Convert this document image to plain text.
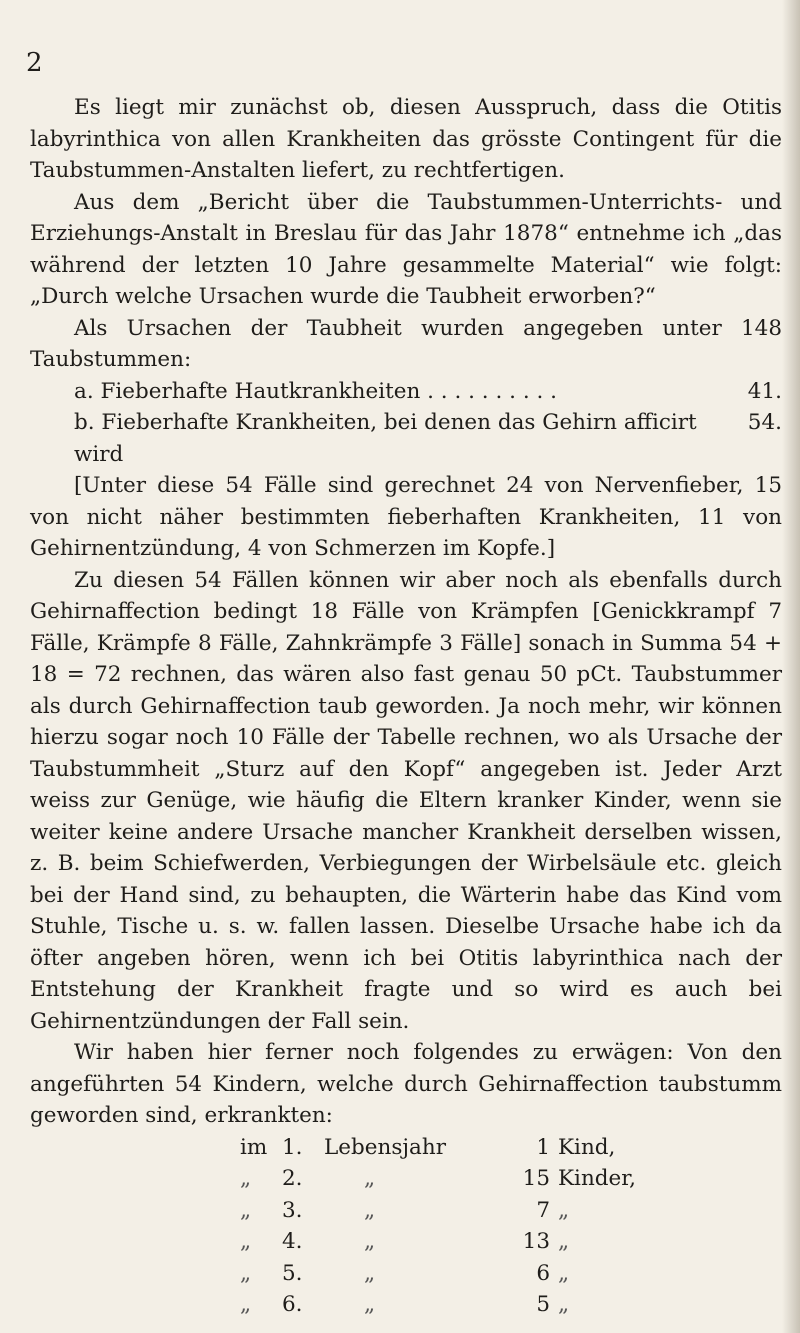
2

Es liegt mir zunächst ob, diesen Ausspruch, dass die Otitis labyrinthica von allen Krankheiten das grösste Contingent für die Taubstummen-Anstalten liefert, zu rechtfertigen.

Aus dem „Bericht über die Taubstummen-Unterrichts- und Erziehungs-Anstalt in Breslau für das Jahr 1878“ entnehme ich „das während der letzten 10 Jahre gesammelte Material“ wie folgt: „Durch welche Ursachen wurde die Taubheit erworben?“

Als Ursachen der Taubheit wurden angegeben unter 148 Taubstummen:

a. Fieberhafte Hautkrankheiten . . . . . . . . . .	41.
b. Fieberhafte Krankheiten, bei denen das Gehirn afficirt wird
54.

[Unter diese 54 Fälle sind gerechnet 24 von Nervenfieber, 15 von nicht näher bestimmten fieberhaften Krankheiten, 11 von Gehirnentzündung, 4 von Schmerzen im Kopfe.]

Zu diesen 54 Fällen können wir aber noch als ebenfalls durch Gehirnaffection bedingt 18 Fälle von Krämpfen [Genickkrampf 7 Fälle, Krämpfe 8 Fälle, Zahnkrämpfe 3 Fälle] sonach in Summa 54 + 18 = 72 rechnen, das wären also fast genau 50 pCt. Taubstummer als durch Gehirnaffection taub geworden. Ja noch mehr, wir können hierzu sogar noch 10 Fälle der Tabelle rechnen, wo als Ursache der Taubstummheit „Sturz auf den Kopf“ angegeben ist. Jeder Arzt weiss zur Genüge, wie häufig die Eltern kranker Kinder, wenn sie weiter keine andere Ursache mancher Krankheit derselben wissen, z. B. beim Schiefwerden, Verbiegungen der Wirbelsäule etc. gleich bei der Hand sind, zu behaupten, die Wärterin habe das Kind vom Stuhle, Tische u. s. w. fallen lassen. Dieselbe Ursache habe ich da öfter angeben hören, wenn ich bei Otitis labyrinthica nach der Entstehung der Krankheit fragte und so wird es auch bei Gehirnentzündungen der Fall sein.

Wir haben hier ferner noch folgendes zu erwägen: Von den angeführten 54 Kindern, welche durch Gehirnaffection taubstumm geworden sind, erkrankten:

im	1.	Lebensjahr	1	Kind,
„	2.	„	15	Kinder,
„	3.	„	7	„
„	4.	„	13	„
„	5.	„	6	„
„	6.	„	5	„
